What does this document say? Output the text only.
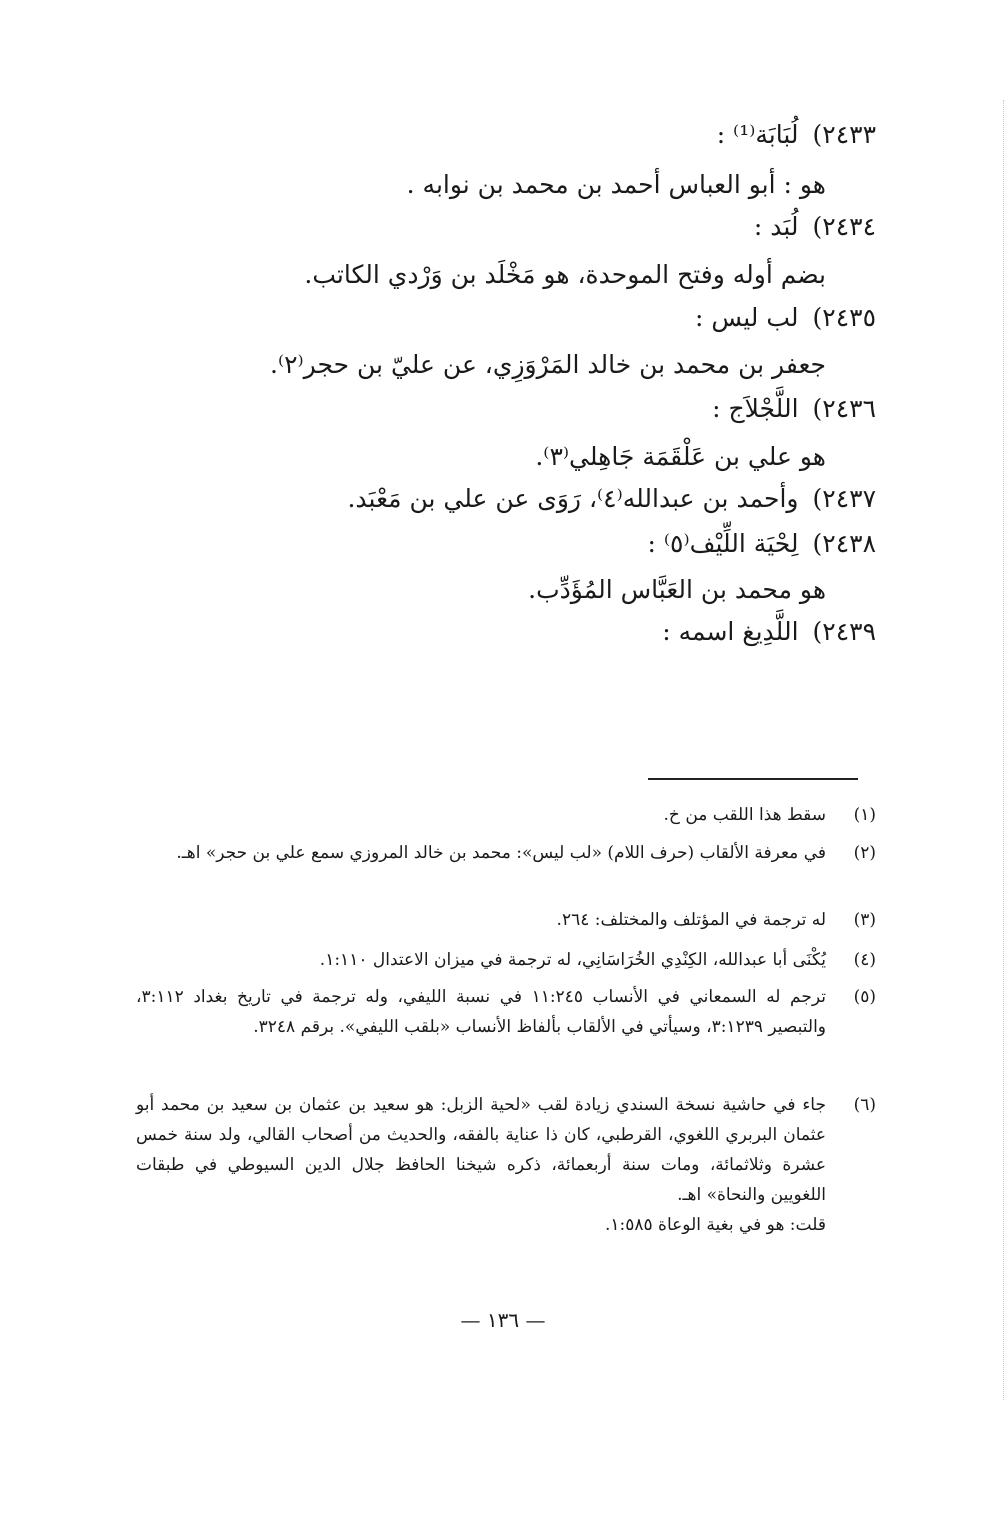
٢٤٣٣)لُبَابَة⁽¹⁾ :
هو : أبو العباس أحمد بن محمد بن نوابه .
٢٤٣٤)لُبَد :
بضم أوله وفتح الموحدة، هو مَخْلَد بن وَرْدي الكاتب.
٢٤٣٥)لب ليس :
جعفر بن محمد بن خالد المَرْوَزِي، عن عليّ بن حجر⁽٢⁾.
٢٤٣٦)اللَّجْلاَج :
هو علي بن عَلْقَمَة جَاهِلي⁽٣⁾.
٢٤٣٧)وأحمد بن عبدالله⁽٤⁾، رَوَى عن علي بن مَعْبَد.
٢٤٣٨)لِحْيَة اللِّيْف⁽٥⁾ :
هو محمد بن العَبَّاس المُؤَدِّب.
٢٤٣٩)اللَّدِيغ اسمه :
(١)
سقط هذا اللقب من خ.
(٢)
في معرفة الألقاب (حرف اللام) «لب ليس»: محمد بن خالد المروزي سمع علي بن حجر» اهـ.
(٣)
له ترجمة في المؤتلف والمختلف: ٢٦٤.
(٤)
يُكْنَى أبا عبدالله، الكِنْدِي الخُرَاسَانِي، له ترجمة في ميزان الاعتدال ١:١١٠.
(٥)
ترجم له السمعاني في الأنساب ١١:٢٤٥ في نسبة الليفي، وله ترجمة في تاريخ بغداد ٣:١١٢، والتبصير ٣:١٢٣٩، وسيأتي في الألقاب بألفاظ الأنساب «بلقب الليفي». برقم ٣٢٤٨.
(٦)
جاء في حاشية نسخة السندي زيادة لقب «لحية الزبل: هو سعيد بن عثمان بن سعيد بن محمد أبو عثمان البربري اللغوي، القرطبي، كان ذا عناية بالفقه، والحديث من أصحاب القالي، ولد سنة خمس عشرة وثلاثمائة، ومات سنة أربعمائة، ذكره شيخنا الحافظ جلال الدين السيوطي في طبقات اللغويين والنحاة» اهـ.
قلت: هو في بغية الوعاة ١:٥٨٥.
— ١٣٦ —
